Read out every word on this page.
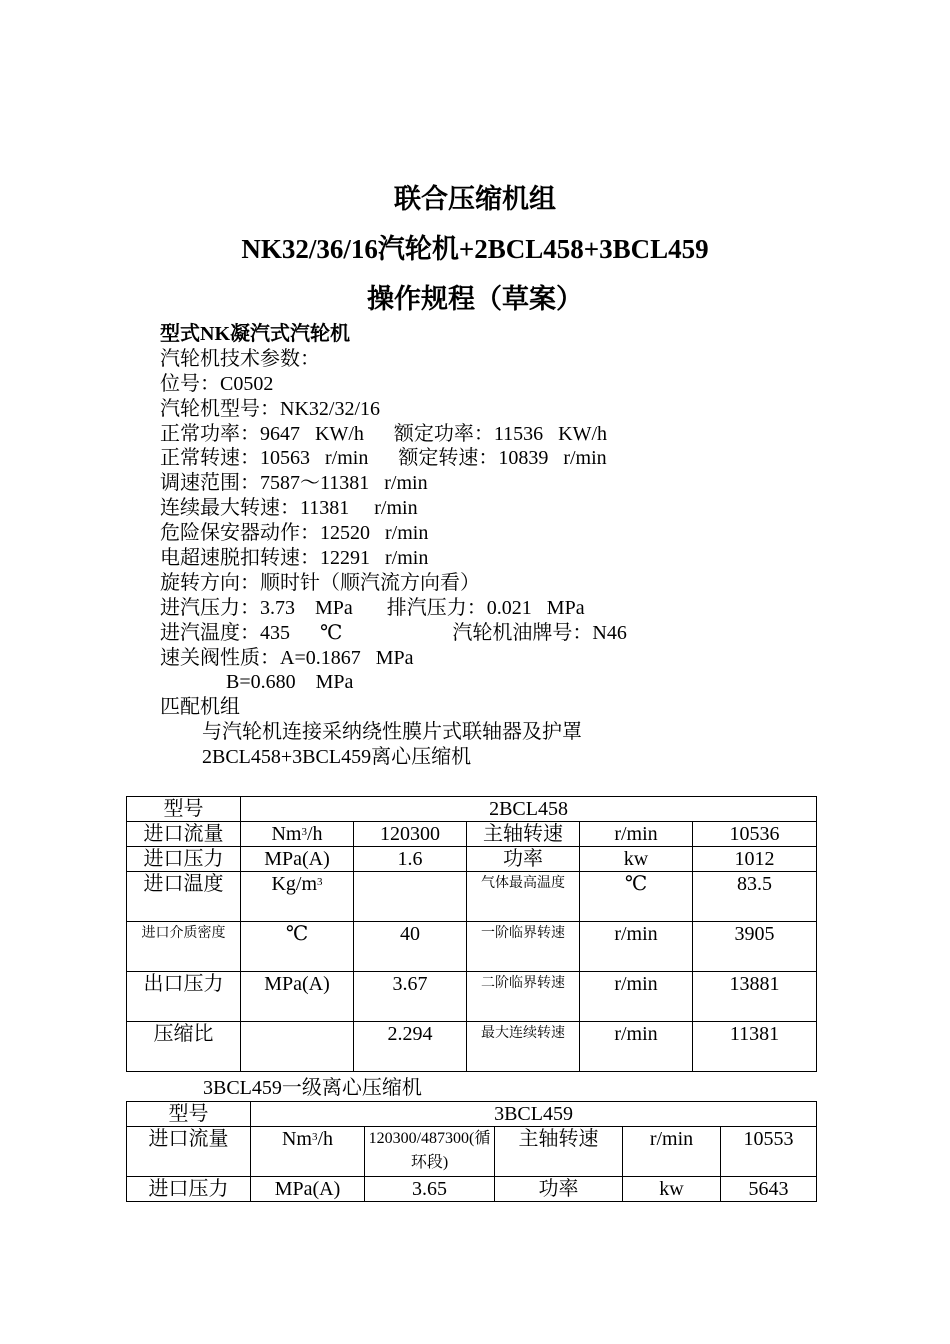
联合压缩机组
NK32/36/16汽轮机+2BCL458+3BCL459
操作规程（草案）
型式NK凝汽式汽轮机
汽轮机技术参数：
位号：C0502
汽轮机型号：NK32/32/16
正常功率：9647   KW/h 额定功率：11536   KW/h
正常转速：10563   r/min 额定转速：10839   r/min
调速范围：7587～11381   r/min
连续最大转速：11381     r/min
危险保安器动作：12520   r/min
电超速脱扣转速：12291   r/min
旋转方向：顺时针（顺汽流方向看）
进汽压力：3.73    MPa 排汽压力：0.021   MPa
进汽温度：435      ℃	汽轮机油牌号：N46
速关阀性质：A=0.1867   MPa
B=0.680    MPa
匹配机组
与汽轮机连接采纳绕性膜片式联轴器及护罩
2BCL458+3BCL459离心压缩机
型号	2BCL458				
进口流量	Nm$^3$/h	120300	主轴转速	r/min	10536
进口压力	MPa(A)	1.6	功率	kw	1012
进口温度	$Kg/m^3$		气体最高温度	℃	83.5
进口介质密度	℃	40	一阶临界转速	r/min	3905
出口压力	MPa(A)	3.67	二阶临界转速	r/min	13881
压缩比		2.294	最大连续转速	r/min	11381
3BCL459一级离心压缩机
型号	3BCL459				
进口流量	Nm$^3$/h	120300/487300(循环段)	主轴转速	r/min	10553
进口压力	MPa(A)	3.65	功率	kw	5643
